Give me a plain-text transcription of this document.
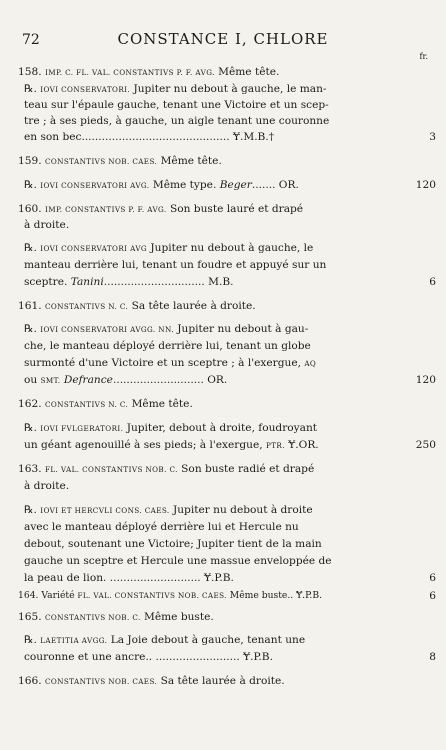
72	CONSTANCE I, CHLORE
fr.
158. IMP. C. FL. VAL. CONSTANTIVS P. F. AVG. Même tête.
℞. IOVI CONSERVATORI. Jupiter nu debout à gauche, le man-
teau sur l'épaule gauche, tenant une Victoire et un scep-
tre ; à ses pieds, à gauche, un aigle tenant une couronne
en son bec............................................ Ɏ.M.B.†	3
159. CONSTANTIVS NOB. CAES. Même tête.
℞. IOVI CONSERVATORI AVG. Même type. Beger....... OR.	120
160. IMP. CONSTANTIVS P. F. AVG. Son buste lauré et drapé
à droite.
℞. IOVI CONSERVATORI AVG Jupiter nu debout à gauche, le
manteau derrière lui, tenant un foudre et appuyé sur un
sceptre. Tanini.............................. M.B.	6
161. CONSTANTIVS N. C. Sa tête laurée à droite.
℞. IOVI CONSERVATORI AVGG. NN. Jupiter nu debout à gau-
che, le manteau déployé derrière lui, tenant un globe
surmonté d'une Victoire et un sceptre ; à l'exergue, AQ
ou SMT. Defrance........................... OR.	120
162. CONSTANTIVS N. C. Même tête.
℞. IOVI FVLGERATORI. Jupiter, debout à droite, foudroyant
un géant agenouillé à ses pieds; à l'exergue, PTR. Ɏ.OR.	250
163. FL. VAL. CONSTANTIVS NOB. C. Son buste radié et drapé
à droite.
℞. IOVI ET HERCVLI CONS. CAES. Jupiter nu debout à droite
avec le manteau déployé derrière lui et Hercule nu
debout, soutenant une Victoire; Jupiter tient de la main
gauche un sceptre et Hercule une massue enveloppée de
la peau de lion. ........................... Ɏ.P.B.	6
164. Variété FL. VAL. CONSTANTIVS NOB. CAES. Même buste.. Ɏ.P.B.	6
165. CONSTANTIVS NOB. C. Même buste.
℞. LAETITIA AVGG. La Joie debout à gauche, tenant une
couronne et une ancre.. ......................... Ɏ.P.B.	8
166. CONSTANTIVS NOB. CAES. Sa tête laurée à droite.
